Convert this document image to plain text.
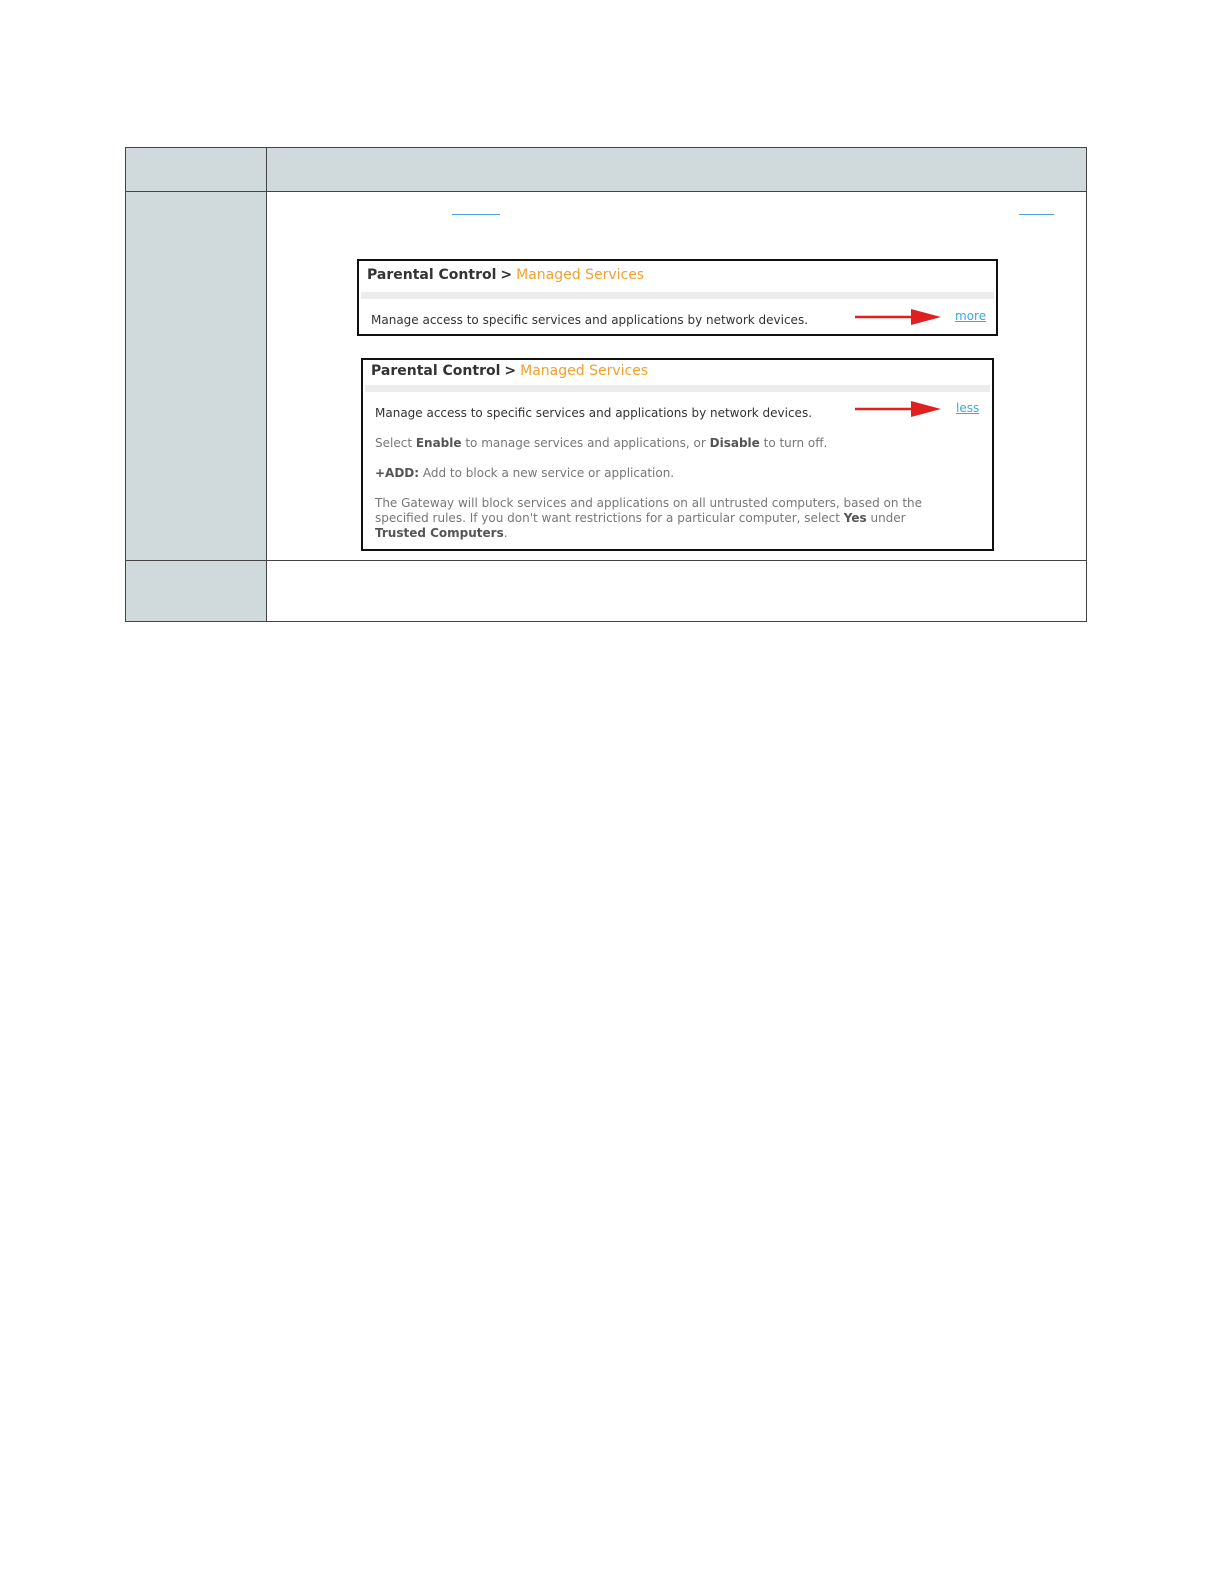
Parental Control > Managed Services
Manage access to specific services and applications by network devices.	more
Parental Control > Managed Services
Manage access to specific services and applications by network devices.	less
Select Enable to manage services and applications, or Disable to turn off.
+ADD: Add to block a new service or application.
The Gateway will block services and applications on all untrusted computers, based on the
specified rules. If you don't want restrictions for a particular computer, select Yes under
Trusted Computers.
